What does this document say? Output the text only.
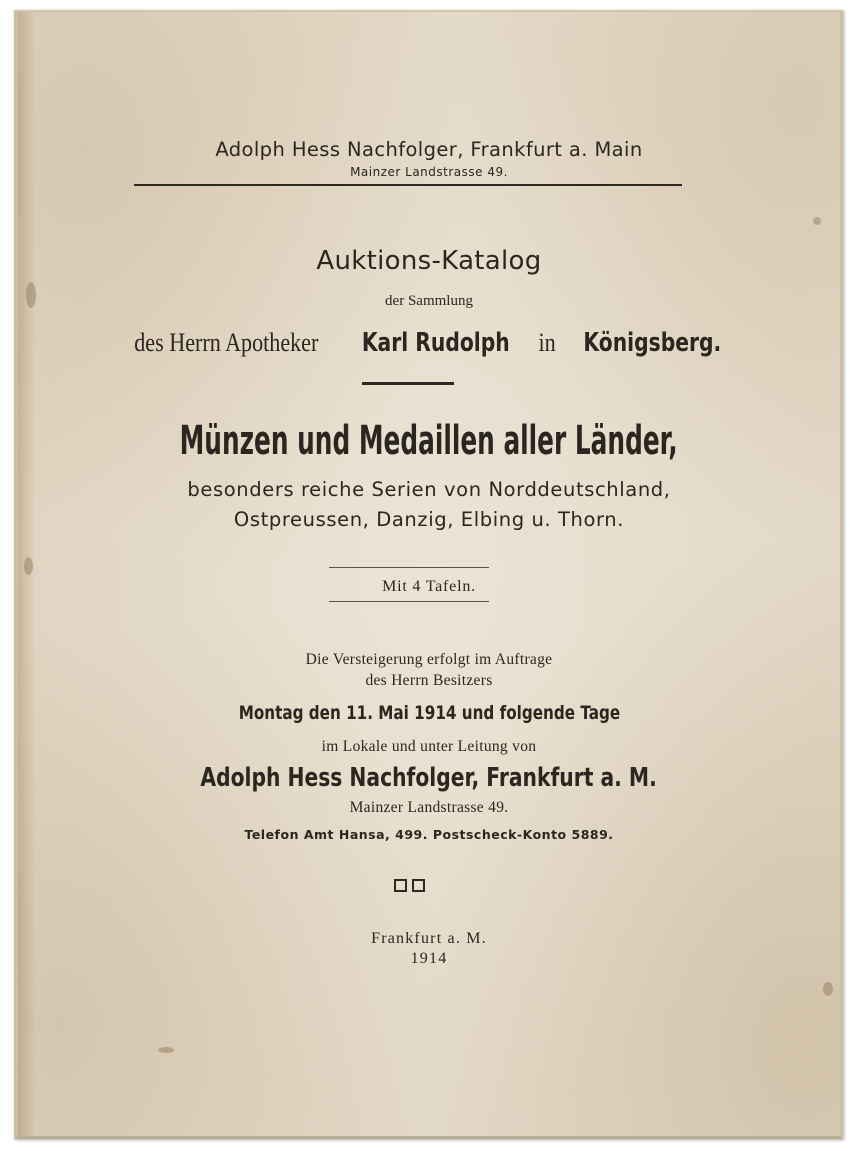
Adolph Hess Nachfolger, Frankfurt a. Main
Mainzer Landstrasse 49.
Auktions-Katalog
der Sammlung
des Herrn Apotheker Karl Rudolph in Königsberg.
Münzen und Medaillen aller Länder,
besonders reiche Serien von Norddeutschland,
Ostpreussen, Danzig, Elbing u. Thorn.
Mit 4 Tafeln.
Die Versteigerung erfolgt im Auftrage
des Herrn Besitzers
Montag den 11. Mai 1914 und folgende Tage
im Lokale und unter Leitung von
Adolph Hess Nachfolger, Frankfurt a. M.
Mainzer Landstrasse 49.
Telefon Amt Hansa, 499. Postscheck-Konto 5889.
Frankfurt a. M.
1914
